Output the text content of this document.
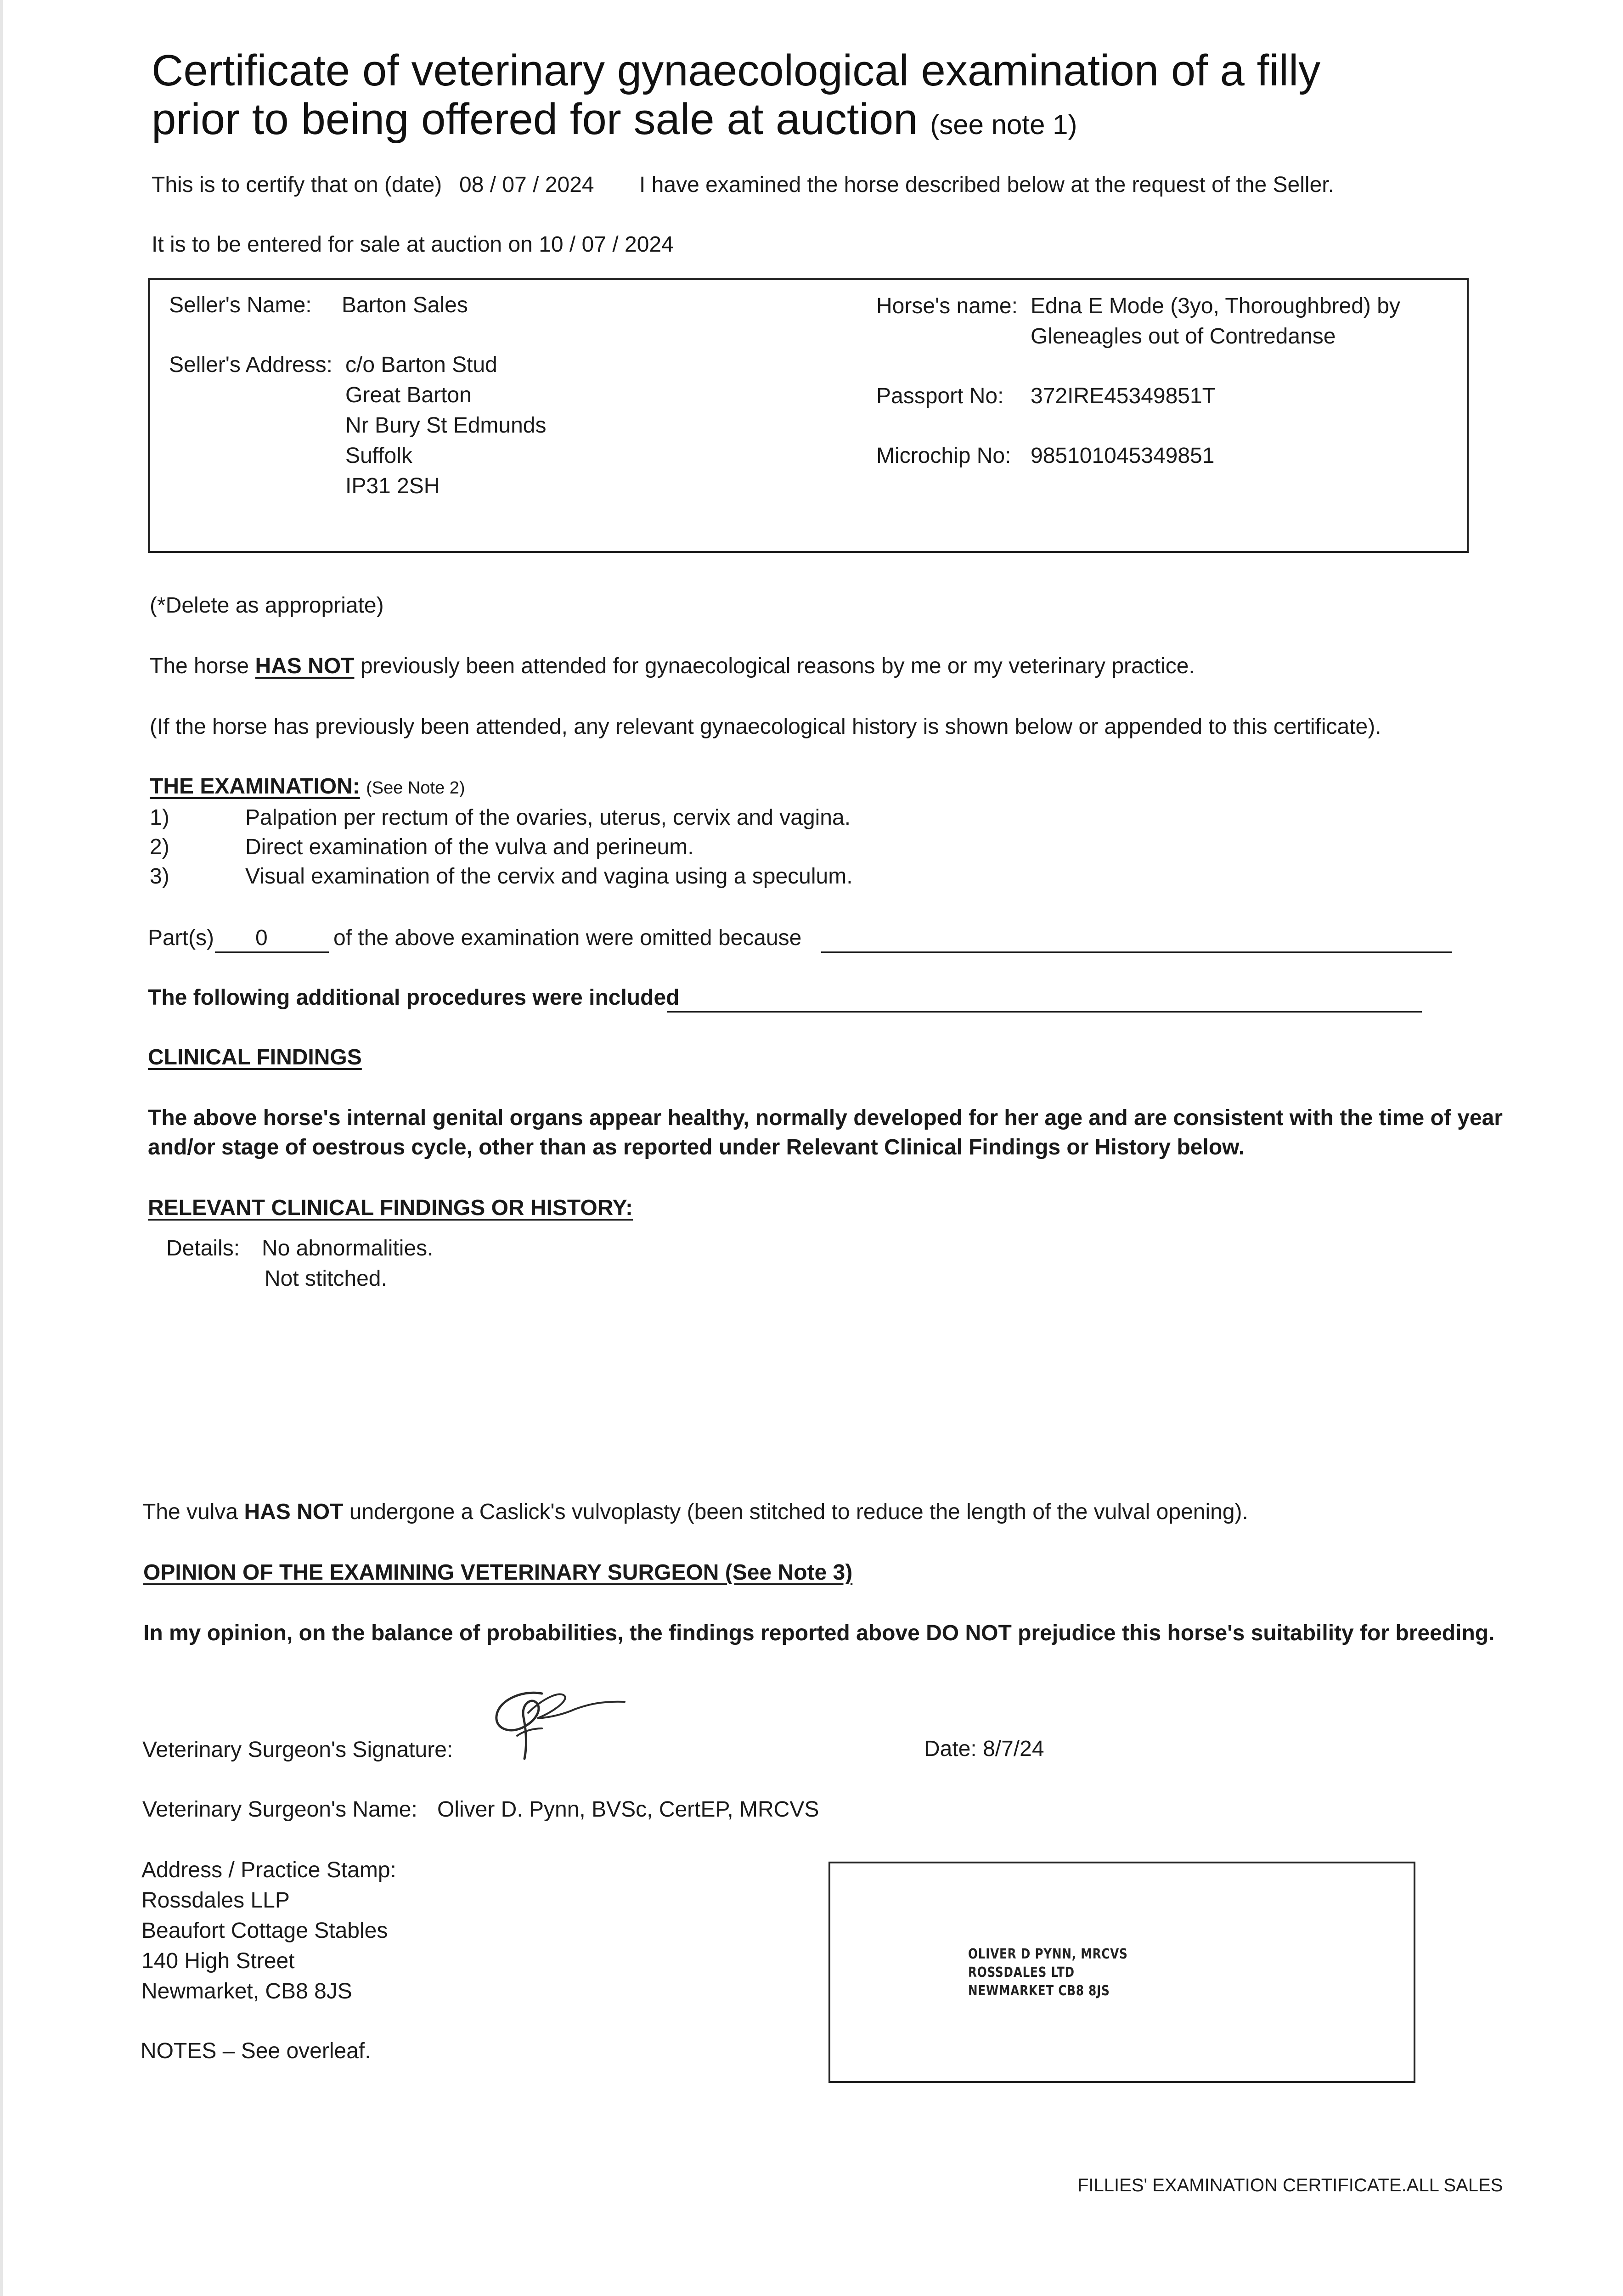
Certificate of veterinary gynaecological examination of a filly
prior to being offered for sale at auction (see note 1)
This is to certify that on (date) 08 / 07 / 2024 I have examined the horse described below at the request of the Seller.
It is to be entered for sale at auction on 10 / 07 / 2024
Seller's Name: Barton Sales
Seller's Address: c/o Barton Stud
Great Barton
Nr Bury St Edmunds
Suffolk
IP31 2SH
Horse's name: Edna E Mode (3yo, Thoroughbred) by
Gleneagles out of Contredanse
Passport No: 372IRE45349851T
Microchip No: 985101045349851
(*Delete as appropriate)
The horse HAS NOT previously been attended for gynaecological reasons by me or my veterinary practice.
(If the horse has previously been attended, any relevant gynaecological history is shown below or appended to this certificate).
THE EXAMINATION: (See Note 2)
1)	Palpation per rectum of the ovaries, uterus, cervix and vagina.
2)	Direct examination of the vulva and perineum.
3)	Visual examination of the cervix and vagina using a speculum.
Part(s) 0	of the above examination were omitted because
The following additional procedures were included
CLINICAL FINDINGS
The above horse's internal genital organs appear healthy, normally developed for her age and are consistent with the time of year
and/or stage of oestrous cycle, other than as reported under Relevant Clinical Findings or History below.
RELEVANT CLINICAL FINDINGS OR HISTORY:
Details: No abnormalities.
Not stitched.
The vulva HAS NOT undergone a Caslick's vulvoplasty (been stitched to reduce the length of the vulval opening).
OPINION OF THE EXAMINING VETERINARY SURGEON (See Note 3)
In my opinion, on the balance of probabilities, the findings reported above DO NOT prejudice this horse's suitability for breeding.
Veterinary Surgeon's Signature:	Date: 8/7/24
Veterinary Surgeon's Name: Oliver D. Pynn, BVSc, CertEP, MRCVS
Address / Practice Stamp:
Rossdales LLP
Beaufort Cottage Stables
140 High Street
Newmarket, CB8 8JS
OLIVER D PYNN, MRCVS
ROSSDALES LTD
NEWMARKET CB8 8JS
NOTES – See overleaf.
FILLIES' EXAMINATION CERTIFICATE.ALL SALES
